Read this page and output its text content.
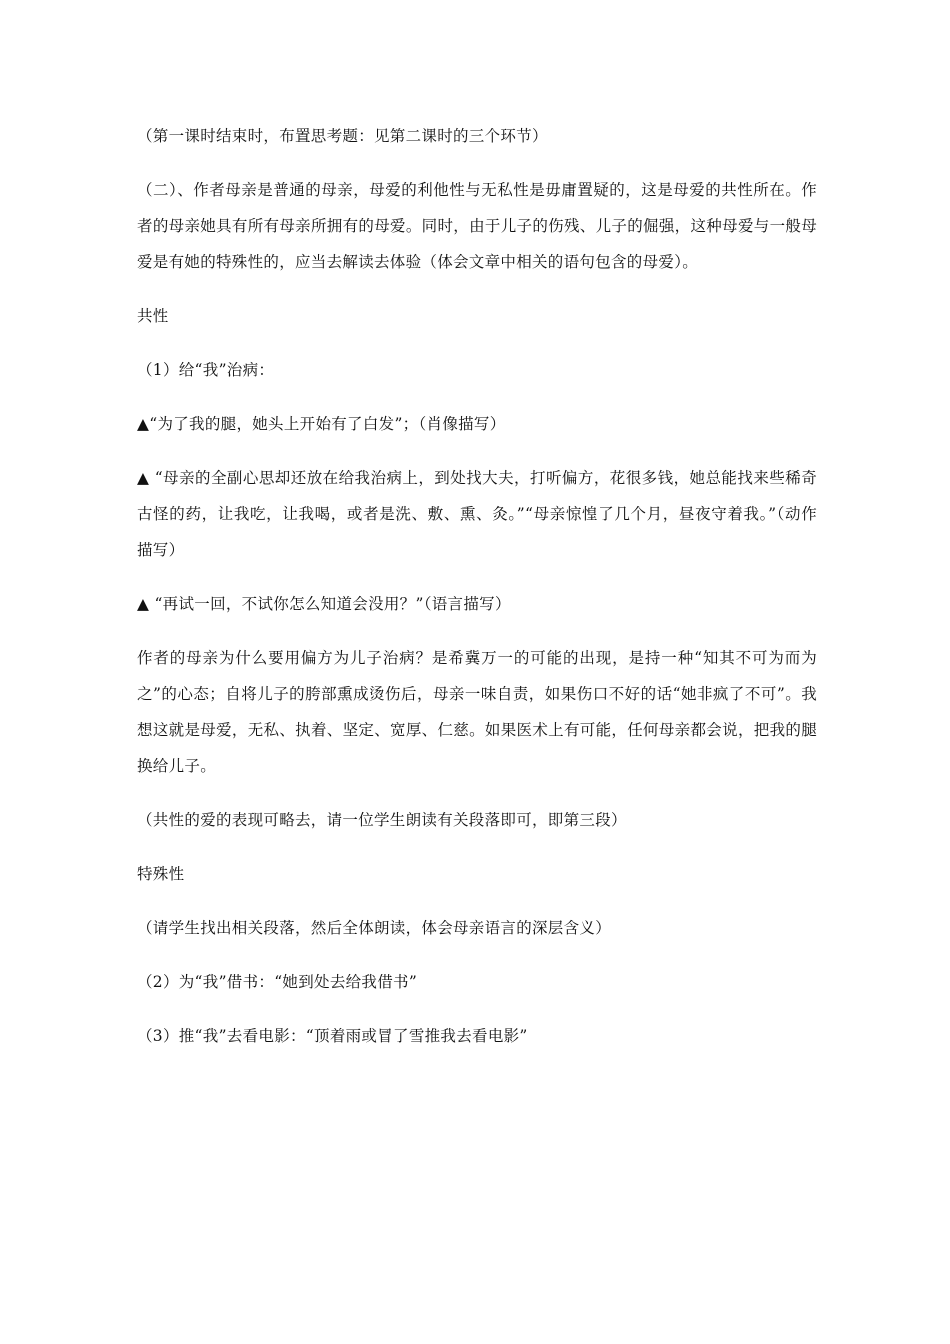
（第一课时结束时，布置思考题：见第二课时的三个环节）

（二）、作者母亲是普通的母亲，母爱的利他性与无私性是毋庸置疑的，这是母爱的共性所在。作者的母亲她具有所有母亲所拥有的母爱。同时，由于儿子的伤残、儿子的倔强，这种母爱与一般母爱是有她的特殊性的，应当去解读去体验（体会文章中相关的语句包含的母爱）。

共性

（1）给“我”治病：

▲“为了我的腿，她头上开始有了白发”；（肖像描写）

▲ “母亲的全副心思却还放在给我治病上，到处找大夫，打听偏方，花很多钱，她总能找来些稀奇古怪的药，让我吃，让我喝，或者是洗、敷、熏、灸。”“母亲惊惶了几个月，昼夜守着我。”（动作描写）

▲ “再试一回，不试你怎么知道会没用？”（语言描写）

作者的母亲为什么要用偏方为儿子治病？是希冀万一的可能的出现，是持一种“知其不可为而为之”的心态；自将儿子的胯部熏成烫伤后，母亲一味自责，如果伤口不好的话“她非疯了不可”。我想这就是母爱，无私、执着、坚定、宽厚、仁慈。如果医术上有可能，任何母亲都会说，把我的腿换给儿子。

（共性的爱的表现可略去，请一位学生朗读有关段落即可，即第三段）

特殊性

（请学生找出相关段落，然后全体朗读，体会母亲语言的深层含义）

（2）为“我”借书：“她到处去给我借书”

（3）推“我”去看电影：“顶着雨或冒了雪推我去看电影”
